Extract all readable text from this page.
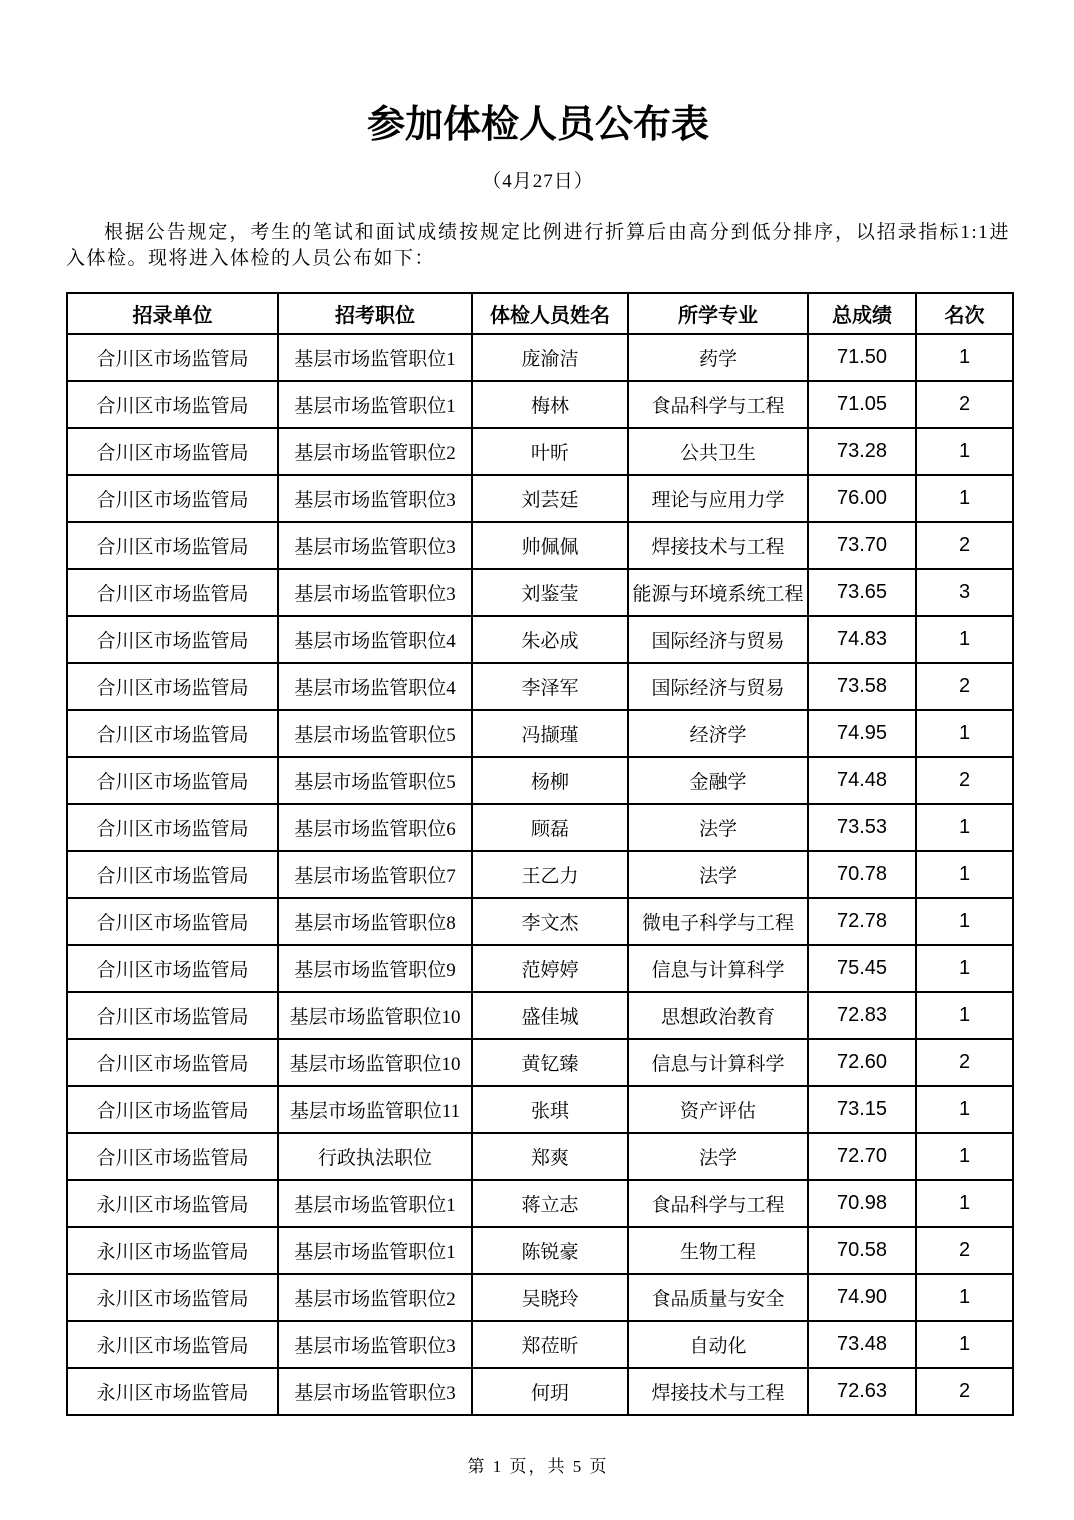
参加体检人员公布表
（4月27日）

根据公告规定，考生的笔试和面试成绩按规定比例进行折算后由高分到低分排序，以招录指标1:1进入体检。现将进入体检的人员公布如下：

招录单位	招考职位	体检人员姓名	所学专业	总成绩	名次
合川区市场监管局	基层市场监管职位1	庞渝洁	药学	71.50	1
合川区市场监管局	基层市场监管职位1	梅林	食品科学与工程	71.05	2
合川区市场监管局	基层市场监管职位2	叶昕	公共卫生	73.28	1
合川区市场监管局	基层市场监管职位3	刘芸廷	理论与应用力学	76.00	1
合川区市场监管局	基层市场监管职位3	帅佩佩	焊接技术与工程	73.70	2
合川区市场监管局	基层市场监管职位3	刘鉴莹	能源与环境系统工程	73.65	3
合川区市场监管局	基层市场监管职位4	朱必成	国际经济与贸易	74.83	1
合川区市场监管局	基层市场监管职位4	李泽军	国际经济与贸易	73.58	2
合川区市场监管局	基层市场监管职位5	冯撷瑾	经济学	74.95	1
合川区市场监管局	基层市场监管职位5	杨柳	金融学	74.48	2
合川区市场监管局	基层市场监管职位6	顾磊	法学	73.53	1
合川区市场监管局	基层市场监管职位7	王乙力	法学	70.78	1
合川区市场监管局	基层市场监管职位8	李文杰	微电子科学与工程	72.78	1
合川区市场监管局	基层市场监管职位9	范婷婷	信息与计算科学	75.45	1
合川区市场监管局	基层市场监管职位10	盛佳城	思想政治教育	72.83	1
合川区市场监管局	基层市场监管职位10	黄钇臻	信息与计算科学	72.60	2
合川区市场监管局	基层市场监管职位11	张琪	资产评估	73.15	1
合川区市场监管局	行政执法职位	郑爽	法学	72.70	1
永川区市场监管局	基层市场监管职位1	蒋立志	食品科学与工程	70.98	1
永川区市场监管局	基层市场监管职位1	陈锐豪	生物工程	70.58	2
永川区市场监管局	基层市场监管职位2	吴晓玲	食品质量与安全	74.90	1
永川区市场监管局	基层市场监管职位3	郑莅昕	自动化	73.48	1
永川区市场监管局	基层市场监管职位3	何玥	焊接技术与工程	72.63	2
第 1 页，共 5 页
